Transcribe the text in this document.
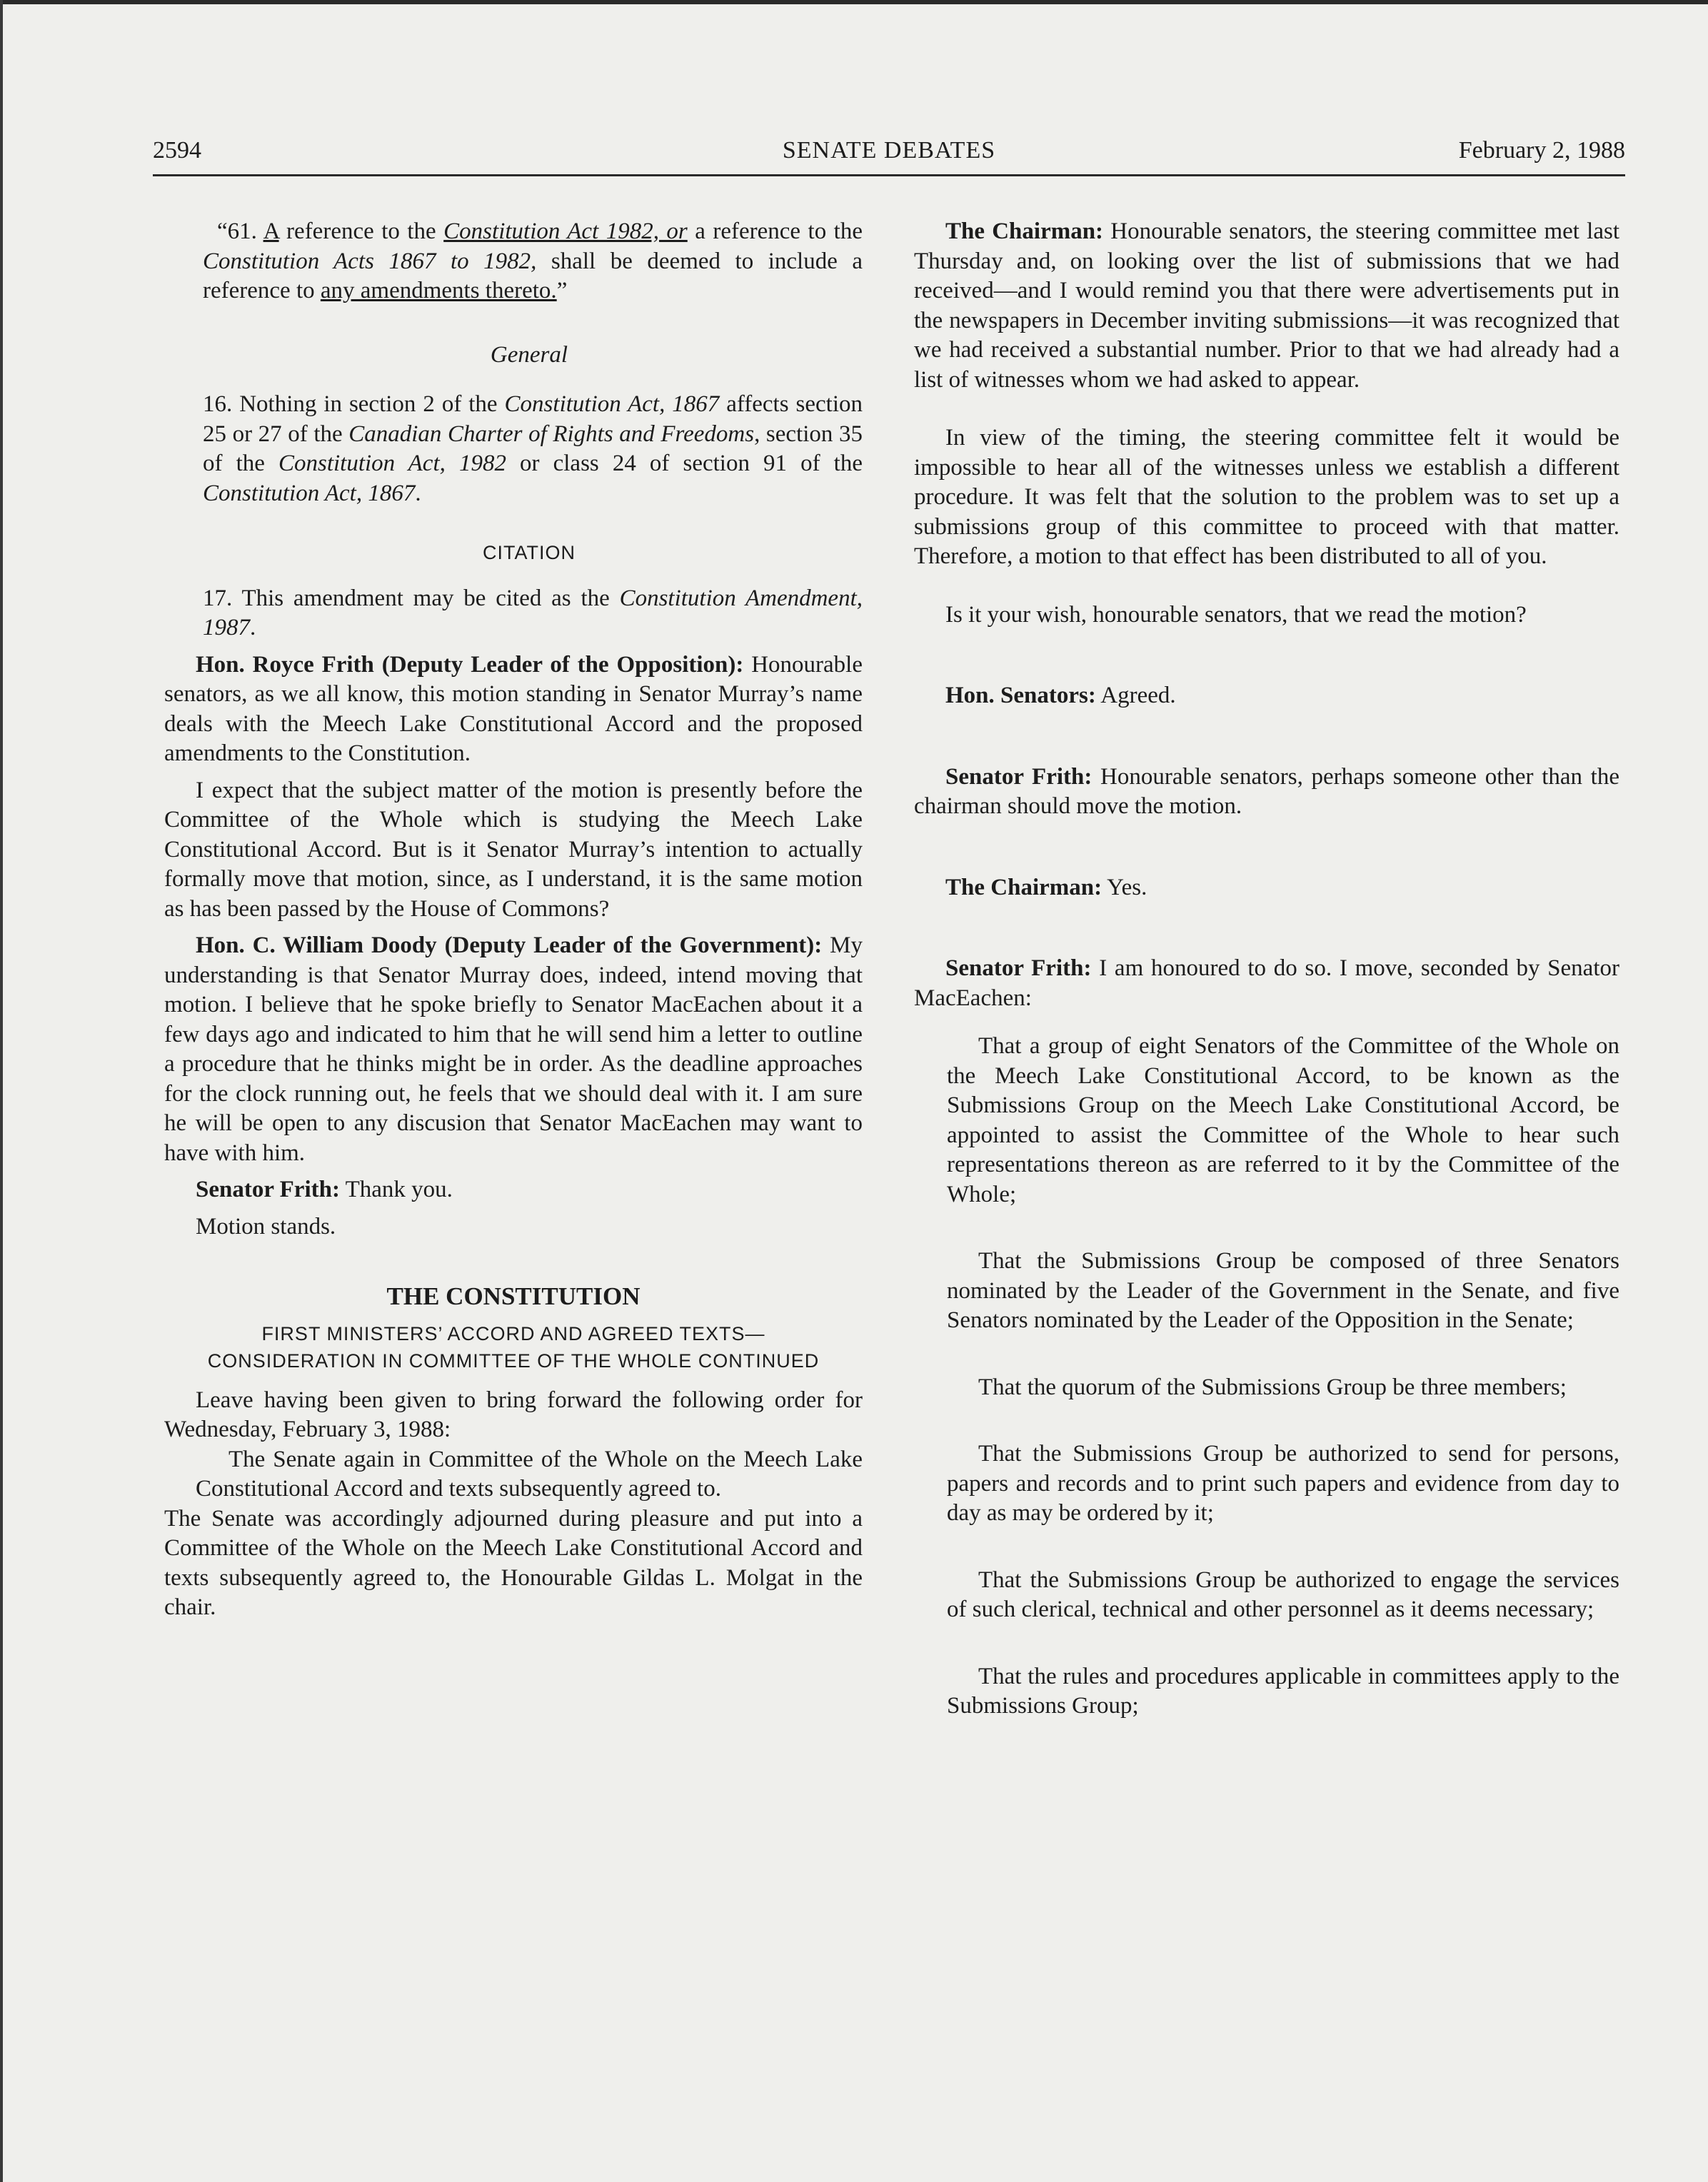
2594	SENATE DEBATES	February 2, 1988

“61. A reference to the Constitution Act 1982, or a reference to the Constitution Acts 1867 to 1982, shall be deemed to include a reference to any amendments thereto.”

General

16. Nothing in section 2 of the Constitution Act, 1867 affects section 25 or 27 of the Canadian Charter of Rights and Freedoms, section 35 of the Constitution Act, 1982 or class 24 of section 91 of the Constitution Act, 1867.

CITATION

17. This amendment may be cited as the Constitution Amendment, 1987.

Hon. Royce Frith (Deputy Leader of the Opposition): Honourable senators, as we all know, this motion standing in Senator Murray’s name deals with the Meech Lake Constitutional Accord and the proposed amendments to the Constitution.

I expect that the subject matter of the motion is presently before the Committee of the Whole which is studying the Meech Lake Constitutional Accord. But is it Senator Murray’s intention to actually formally move that motion, since, as I understand, it is the same motion as has been passed by the House of Commons?

Hon. C. William Doody (Deputy Leader of the Government): My understanding is that Senator Murray does, indeed, intend moving that motion. I believe that he spoke briefly to Senator MacEachen about it a few days ago and indicated to him that he will send him a letter to outline a procedure that he thinks might be in order. As the deadline approaches for the clock running out, he feels that we should deal with it. I am sure he will be open to any discusion that Senator MacEachen may want to have with him.

Senator Frith: Thank you.

Motion stands.

THE CONSTITUTION

FIRST MINISTERS’ ACCORD AND AGREED TEXTS—

CONSIDERATION IN COMMITTEE OF THE WHOLE CONTINUED

Leave having been given to bring forward the following order for Wednesday, February 3, 1988:

The Senate again in Committee of the Whole on the Meech Lake Constitutional Accord and texts subsequently agreed to.

The Senate was accordingly adjourned during pleasure and put into a Committee of the Whole on the Meech Lake Constitutional Accord and texts subsequently agreed to, the Honourable Gildas L. Molgat in the chair.

The Chairman: Honourable senators, the steering committee met last Thursday and, on looking over the list of submissions that we had received—and I would remind you that there were advertisements put in the newspapers in December inviting submissions—it was recognized that we had received a substantial number. Prior to that we had already had a list of witnesses whom we had asked to appear.

In view of the timing, the steering committee felt it would be impossible to hear all of the witnesses unless we establish a different procedure. It was felt that the solution to the problem was to set up a submissions group of this committee to proceed with that matter. Therefore, a motion to that effect has been distributed to all of you.

Is it your wish, honourable senators, that we read the motion?

Hon. Senators: Agreed.

Senator Frith: Honourable senators, perhaps someone other than the chairman should move the motion.

The Chairman: Yes.

Senator Frith: I am honoured to do so. I move, seconded by Senator MacEachen:

That a group of eight Senators of the Committee of the Whole on the Meech Lake Constitutional Accord, to be known as the Submissions Group on the Meech Lake Constitutional Accord, be appointed to assist the Committee of the Whole to hear such representations thereon as are referred to it by the Committee of the Whole;

That the Submissions Group be composed of three Senators nominated by the Leader of the Government in the Senate, and five Senators nominated by the Leader of the Opposition in the Senate;

That the quorum of the Submissions Group be three members;

That the Submissions Group be authorized to send for persons, papers and records and to print such papers and evidence from day to day as may be ordered by it;

That the Submissions Group be authorized to engage the services of such clerical, technical and other personnel as it deems necessary;

That the rules and procedures applicable in committees apply to the Submissions Group;
